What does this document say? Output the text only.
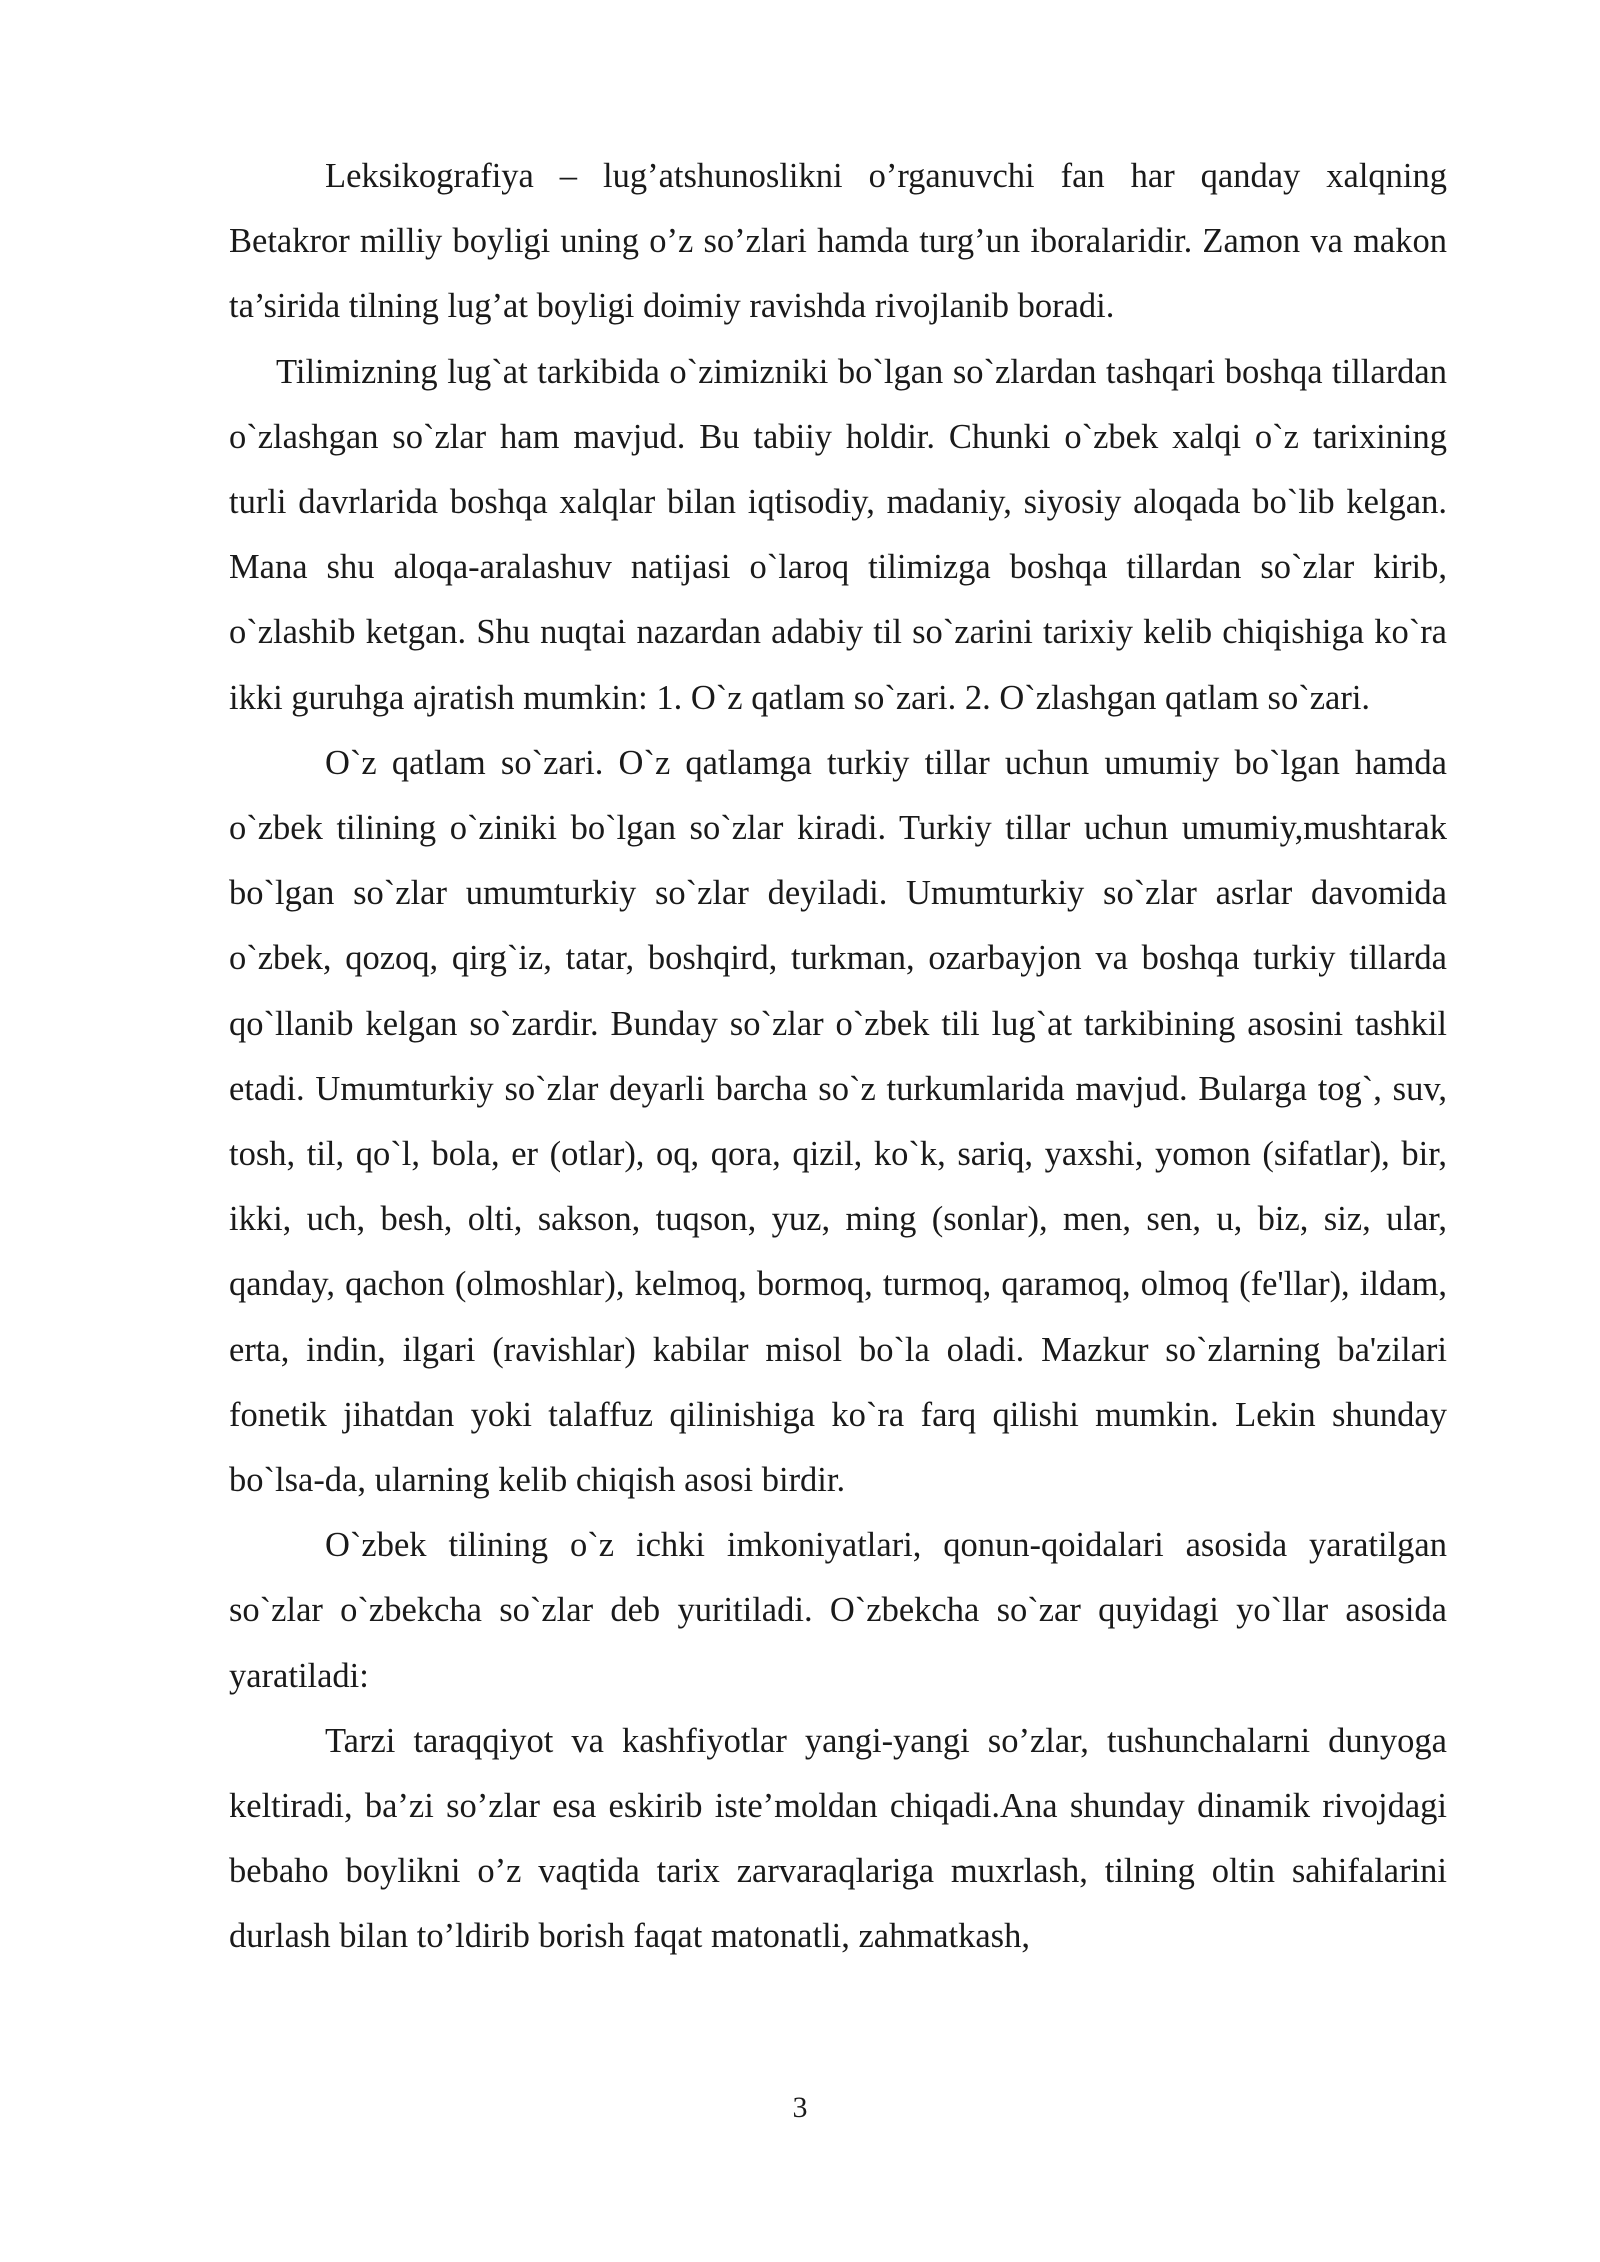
Leksikografiya – lug’atshunoslikni o’rganuvchi fan har qanday xalqning Betakror milliy boyligi uning o’z so’zlari hamda turg’un iboralaridir. Zamon va makon ta’sirida tilning lug’at boyligi doimiy ravishda rivojlanib boradi.

Tilimizning lug`at tarkibida o`zimizniki bo`lgan so`zlardan tashqari boshqa tillardan o`zlashgan so`zlar ham mavjud. Bu tabiiy holdir. Chunki o`zbek xalqi o`z tarixining turli davrlarida boshqa xalqlar bilan iqtisodiy, madaniy, siyosiy aloqada bo`lib kelgan. Mana shu aloqa-aralashuv natijasi o`laroq tilimizga boshqa tillardan so`zlar kirib, o`zlashib ketgan. Shu nuqtai nazardan adabiy til so`zarini tarixiy kelib chiqishiga ko`ra ikki guruhga ajratish mumkin: 1. O`z qatlam so`zari. 2. O`zlashgan qatlam so`zari.

O`z qatlam so`zari. O`z qatlamga turkiy tillar uchun umumiy bo`lgan hamda o`zbek tilining o`ziniki bo`lgan so`zlar kiradi. Turkiy tillar uchun umumiy,mushtarak bo`lgan so`zlar umumturkiy so`zlar deyiladi. Umumturkiy so`zlar asrlar davomida o`zbek, qozoq, qirg`iz, tatar, boshqird, turkman, ozarbayjon va boshqa turkiy tillarda qo`llanib kelgan so`zardir. Bunday so`zlar o`zbek tili lug`at tarkibining asosini tashkil etadi. Umumturkiy so`zlar deyarli barcha so`z turkumlarida mavjud. Bularga tog`, suv, tosh, til, qo`l, bola, er (otlar), oq, qora, qizil, ko`k, sariq, yaxshi, yomon (sifatlar), bir, ikki, uch, besh, olti, sakson, tuqson, yuz, ming (sonlar), men, sen, u, biz, siz, ular, qanday, qachon (olmoshlar), kelmoq, bormoq, turmoq, qaramoq, olmoq (fe'llar), ildam, erta, indin, ilgari (ravishlar) kabilar misol bo`la oladi. Mazkur so`zlarning ba'zilari fonetik jihatdan yoki talaffuz qilinishiga ko`ra farq qilishi mumkin. Lekin shunday bo`lsa-da, ularning kelib chiqish asosi birdir.

O`zbek tilining o`z ichki imkoniyatlari, qonun-qoidalari asosida yaratilgan so`zlar o`zbekcha so`zlar deb yuritiladi. O`zbekcha so`zar quyidagi yo`llar asosida yaratiladi:

Tarzi taraqqiyot va kashfiyotlar yangi-yangi so’zlar, tushunchalarni dunyoga keltiradi, ba’zi so’zlar esa eskirib iste’moldan chiqadi.Ana shunday dinamik rivojdagi bebaho boylikni o’z vaqtida tarix zarvaraqlariga muxrlash, tilning oltin sahifalarini durlash bilan to’ldirib borish faqat matonatli, zahmatkash,

3
